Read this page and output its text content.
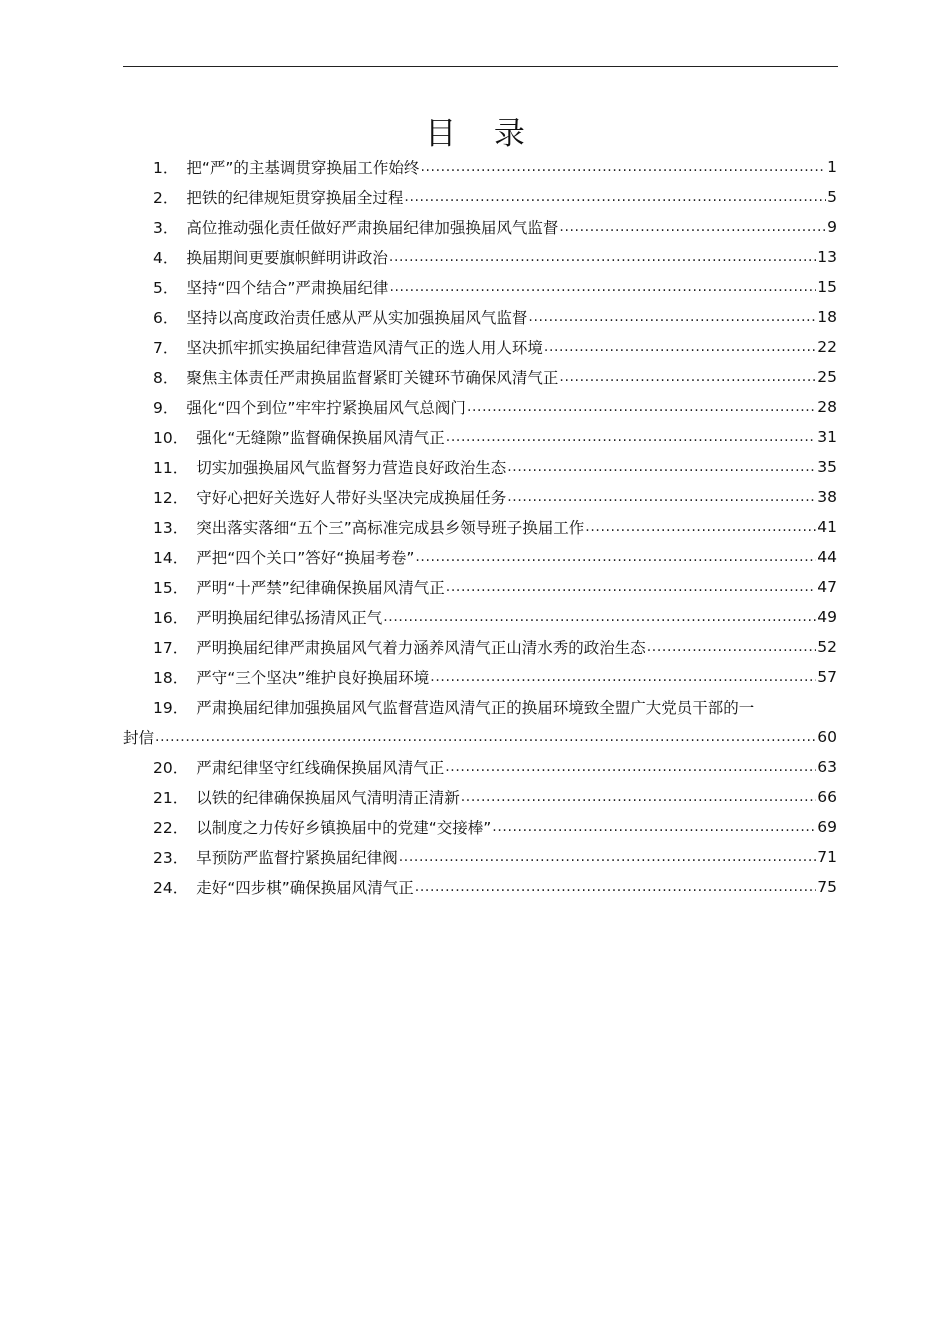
目 录
1． 把“严”的主基调贯穿换届工作始终 .....	1
2． 把铁的纪律规矩贯穿换届全过程 .....	5
3． 高位推动强化责任做好严肃换届纪律加强换届风气监督 .....	9
4． 换届期间更要旗帜鲜明讲政治 .....	13
5． 坚持“四个结合”严肃换届纪律 .....	15
6． 坚持以高度政治责任感从严从实加强换届风气监督 .....	18
7． 坚决抓牢抓实换届纪律营造风清气正的选人用人环境 .....	22
8． 聚焦主体责任严肃换届监督紧盯关键环节确保风清气正 .....	25
9． 强化“四个到位”牢牢拧紧换届风气总阀门 .....	28
10． 强化“无缝隙”监督确保换届风清气正 .....	31
11． 切实加强换届风气监督努力营造良好政治生态 .....	35
12． 守好心把好关选好人带好头坚决完成换届任务 .....	38
13． 突出落实落细“五个三”高标准完成县乡领导班子换届工作 .....	41
14． 严把“四个关口”答好“换届考卷” .....	44
15． 严明“十严禁”纪律确保换届风清气正 .....	47
16． 严明换届纪律弘扬清风正气 .....	49
17． 严明换届纪律严肃换届风气着力涵养风清气正山清水秀的政治生态 .....	52
18． 严守“三个坚决”维护良好换届环境 .....	57
19． 严肃换届纪律加强换届风气监督营造风清气正的换届环境致全盟广大党员干部的一
封信 .....	60
20． 严肃纪律坚守红线确保换届风清气正 .....	63
21． 以铁的纪律确保换届风气清明清正清新 .....	66
22． 以制度之力传好乡镇换届中的党建“交接棒” .....	69
23． 早预防严监督拧紧换届纪律阀 .....	71
24． 走好“四步棋”确保换届风清气正 .....	75
